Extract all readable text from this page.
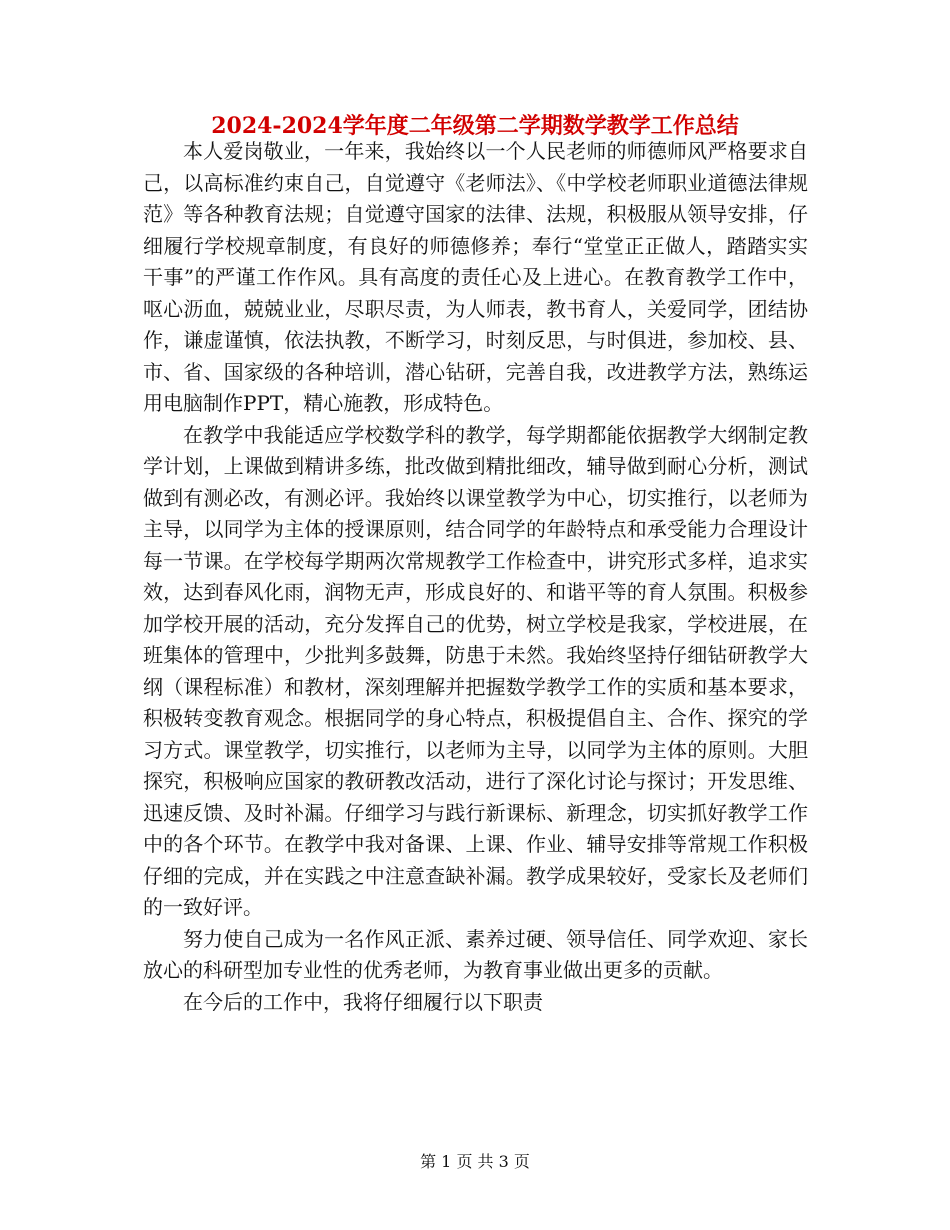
2024-2024学年度二年级第二学期数学教学工作总结

本人爱岗敬业，一年来，我始终以一个人民老师的师德师风严格要求自己，以高标准约束自己，自觉遵守《老师法》、《中学校老师职业道德法律规范》等各种教育法规；自觉遵守国家的法律、法规，积极服从领导安排，仔细履行学校规章制度，有良好的师德修养；奉行“堂堂正正做人，踏踏实实干事”的严谨工作作风。具有高度的责任心及上进心。在教育教学工作中，呕心沥血，兢兢业业，尽职尽责，为人师表，教书育人，关爱同学，团结协作，谦虚谨慎，依法执教，不断学习，时刻反思，与时俱进，参加校、县、市、省、国家级的各种培训，潜心钻研，完善自我，改进教学方法，熟练运用电脑制作PPT，精心施教，形成特色。

在教学中我能适应学校数学科的教学，每学期都能依据教学大纲制定教学计划，上课做到精讲多练，批改做到精批细改，辅导做到耐心分析，测试做到有测必改，有测必评。我始终以课堂教学为中心，切实推行，以老师为主导，以同学为主体的授课原则，结合同学的年龄特点和承受能力合理设计每一节课。在学校每学期两次常规教学工作检查中，讲究形式多样，追求实效，达到春风化雨，润物无声，形成良好的、和谐平等的育人氛围。积极参加学校开展的活动，充分发挥自己的优势，树立学校是我家，学校进展，在班集体的管理中，少批判多鼓舞，防患于未然。我始终坚持仔细钻研教学大纲（课程标准）和教材，深刻理解并把握数学教学工作的实质和基本要求，积极转变教育观念。根据同学的身心特点，积极提倡自主、合作、探究的学习方式。课堂教学，切实推行，以老师为主导，以同学为主体的原则。大胆探究，积极响应国家的教研教改活动，进行了深化讨论与探讨；开发思维、迅速反馈、及时补漏。仔细学习与践行新课标、新理念，切实抓好教学工作中的各个环节。在教学中我对备课、上课、作业、辅导安排等常规工作积极仔细的完成，并在实践之中注意查缺补漏。教学成果较好，受家长及老师们的一致好评。

努力使自己成为一名作风正派、素养过硬、领导信任、同学欢迎、家长放心的科研型加专业性的优秀老师，为教育事业做出更多的贡献。

在今后的工作中，我将仔细履行以下职责

第 1 页 共 3 页
